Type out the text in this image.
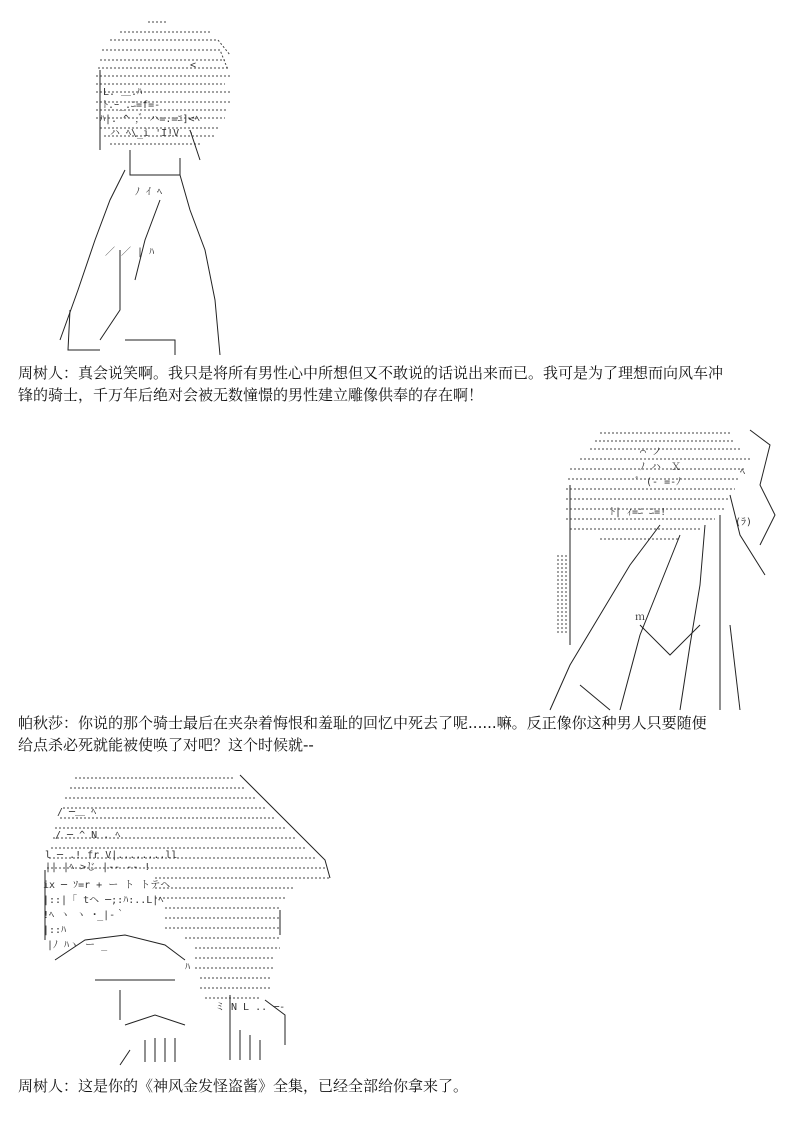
<
L. ＿.ﾊ
ﾄ.ｰ_.ﾆ=f=-
ﾊ|. ^ ,ﾞ ハ=.=ﾆ]<ﾍ
ハ ﾍ\_i 'I!V ヽ
ﾉ ｲ ﾍ
／ ／ | ﾊ

周树人：真会说笑啊。我只是将所有男性心中所想但又不敢说的话说出来而已。我可是为了理想而向风车冲
锋的骑士，千万年后绝对会被无数憧憬的男性建立雕像供奉的存在啊！

⌒ ノ
ﾉ ハ　Ｘ
ﾞ (- =-ﾉ
ﾄ| ｨ=ﾆ ﾆ=!
ﾍ
(ﾗ)
ｍ

帕秋莎：你说的那个骑士最后在夹杂着悔恨和羞耻的回忆中死去了呢......嘛。反正像你这种男人只要随便
给点杀必死就能被使唤了对吧？这个时候就--

/ ─＿ ﾍ
/ ─ ^ N . ﾍ
l ─ .! fr V|........ll
|| |ﾍ >じ |-- -- !
ix ─ ｿ=r + ー ト トテヘ
|::|「 tヘ ─;:ﾊ:..L|ﾍ
!ﾍ ヽ ヽ ･_|-｀
|::ﾊ
|ﾉ ﾊヽ ー _
ﾊ
ミ N L .. ─-

周树人：这是你的《神风金发怪盗酱》全集，已经全部给你拿来了。
